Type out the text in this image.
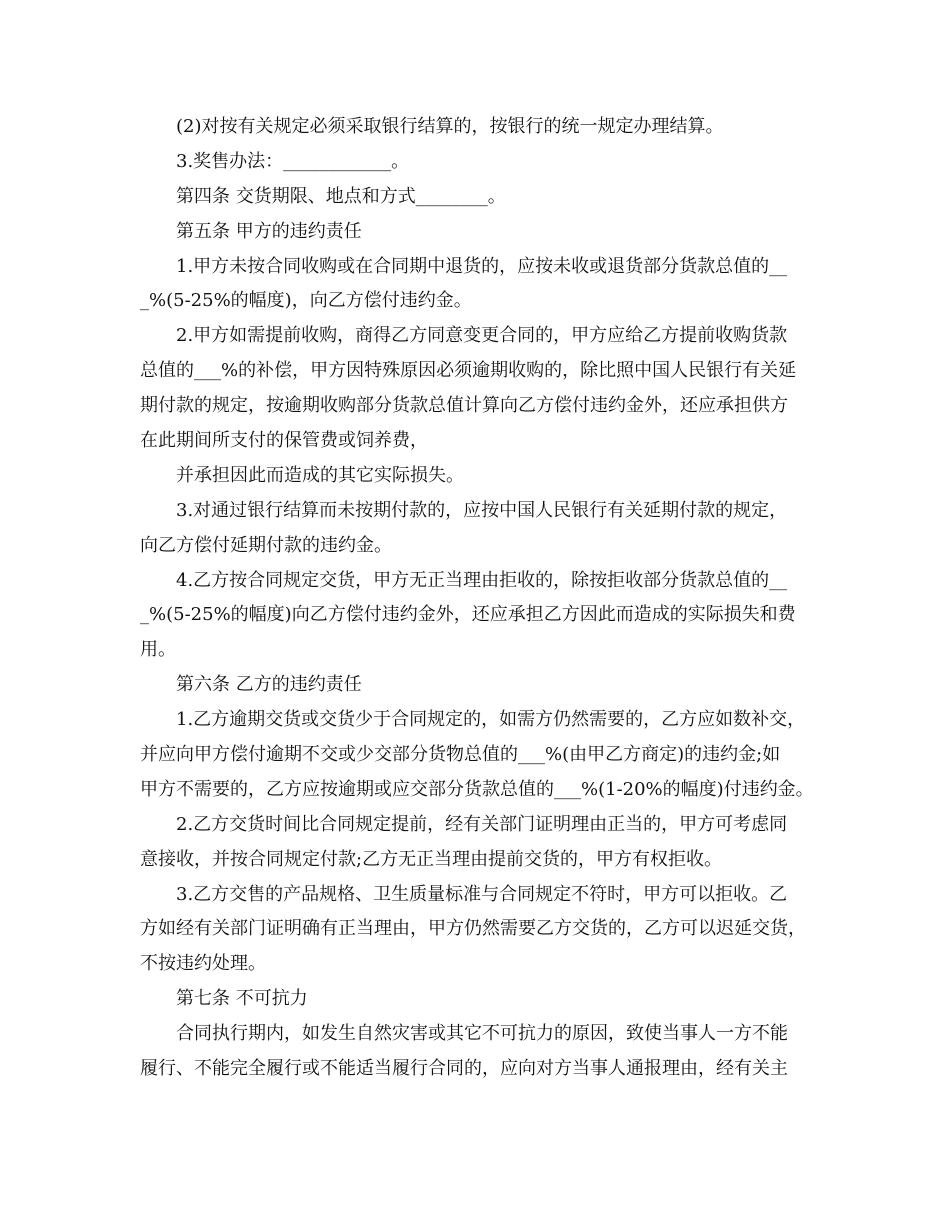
(2)对按有关规定必须采取银行结算的，按银行的统一规定办理结算。
3.奖售办法：____________。
第四条 交货期限、地点和方式________。
第五条 甲方的违约责任
1.甲方未按合同收购或在合同期中退货的，应按未收或退货部分货款总值的__
_%(5-25%的幅度)，向乙方偿付违约金。
2.甲方如需提前收购，商得乙方同意变更合同的，甲方应给乙方提前收购货款
总值的___%的补偿，甲方因特殊原因必须逾期收购的，除比照中国人民银行有关延
期付款的规定，按逾期收购部分货款总值计算向乙方偿付违约金外，还应承担供方
在此期间所支付的保管费或饲养费，
并承担因此而造成的其它实际损失。
3.对通过银行结算而未按期付款的，应按中国人民银行有关延期付款的规定，
向乙方偿付延期付款的违约金。
4.乙方按合同规定交货，甲方无正当理由拒收的，除按拒收部分货款总值的__
_%(5-25%的幅度)向乙方偿付违约金外，还应承担乙方因此而造成的实际损失和费
用。
第六条 乙方的违约责任
1.乙方逾期交货或交货少于合同规定的，如需方仍然需要的，乙方应如数补交，
并应向甲方偿付逾期不交或少交部分货物总值的___%(由甲乙方商定)的违约金;如
甲方不需要的，乙方应按逾期或应交部分货款总值的___%(1-20%的幅度)付违约金。
2.乙方交货时间比合同规定提前，经有关部门证明理由正当的，甲方可考虑同
意接收，并按合同规定付款;乙方无正当理由提前交货的，甲方有权拒收。
3.乙方交售的产品规格、卫生质量标准与合同规定不符时，甲方可以拒收。乙
方如经有关部门证明确有正当理由，甲方仍然需要乙方交货的，乙方可以迟延交货，
不按违约处理。
第七条 不可抗力
合同执行期内，如发生自然灾害或其它不可抗力的原因，致使当事人一方不能
履行、不能完全履行或不能适当履行合同的，应向对方当事人通报理由，经有关主
